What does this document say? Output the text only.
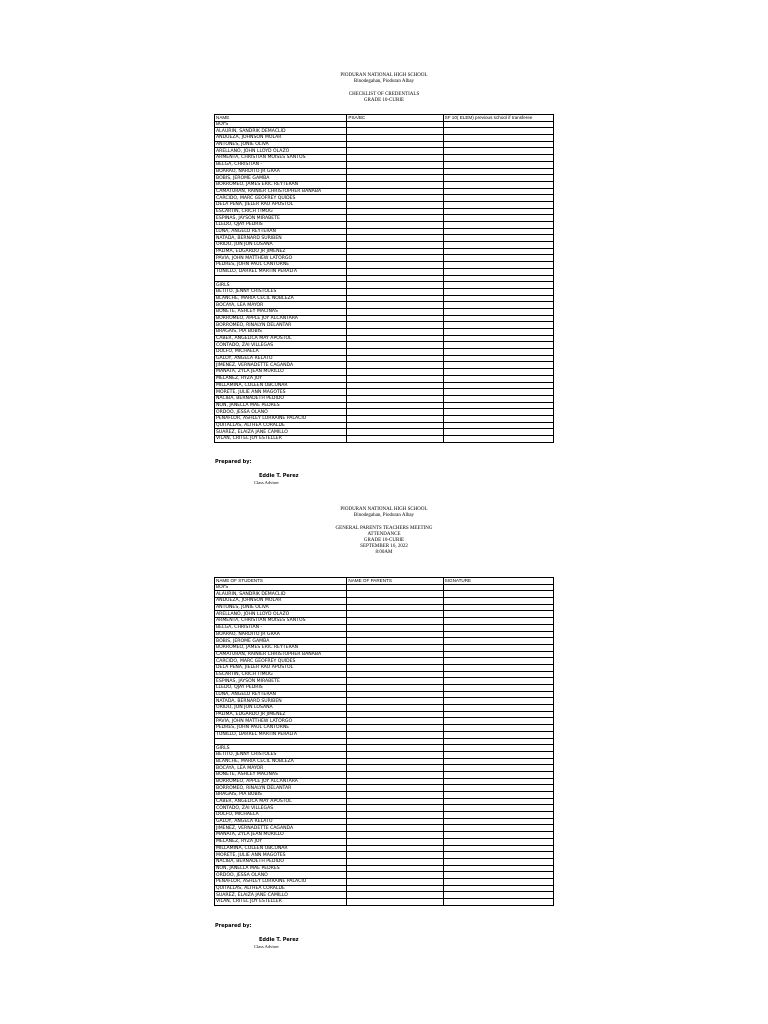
PIODURAN NATIONAL HIGH SCHOOL
Binodegahan, Pioduran Albay
CHECKLIST OF CREDENTIALS
GRADE 10-CURIE
NAME	PSA/BC	SF 10( ELEM) previous school if transferee
BOYS		
ALAURIN, SANDRIK DEMACLID		
ANDUEZA, JOHNSON MOLAR		
ANTONES, JONIE OLIVA		
ARELLANO, JOHN LLOYD OLAZO		
ARMENTA, CHRISTIAN MOISES SANTOS		
BELGA, CHRISTIAN -		
BOARAO, NARDITO JR GRAA		
BOBIS, JEROME GAMBA		
BORROMEO, JAMES ERIC REYTERAN		
CAMATURAN, RAINIER CHRISTOPHER BANABA		
CARCIDO, MARC GEOFREY QUIDES		
DELA PEÑA, JIELER RAO APOSTOL		
ESCARTIN, CRICH TIMOG		
ESPINAS, JAYSON MIRABETE		
LLEDO, QJAY PEDRIS		
LUNA, ANGELO REYTERAN		
NATADA, BERNARD SURIBEN		
ORIDO, JON JON LOSANA		
PALIMA, EDGARDO JR JIMENEZ		
PAVIA, JOHN MATTHEW LATORGO		
PEDRES, JOHN PAUL CANTORNE		
TONILLO, DARREL MARTIN PERALTA		

GIRLS		
BETITO, JENNY CRISTOLES		
BLANCHE, MARIA CECIL NOBLEZA		
BOCAYA, LEA MAYOR		
BONETE, ASHLEY MACINAS		
BORROMEO, APPLE JOY ALCANTARA		
BORROMEO, RINALYN DELANTAR		
BRAGAIS, PIA BOBIS		
CABER, ANGELICA MAY APOSTOL		
CONTADO, ZAI VILLEGAS		
DOLFO, MICHAELA		
GALOY, ANGELA RELATO		
JIMENEZ, VERNADETTE CAGANDA		
MANATA, ZYLA JEAN MURILLO		
MELANEZ, RYZA JOY		
MILLAMINA, COLEEN OBCUNAR		
MORETE, JULIE ANN MAGOTES		
NACIBA, BERNADETH PEDIDO		
NON, JANELLA MAE PEDRES		
ORDOO, JESSA OLANO		
PEÑAFLOR, ASHLEY LORRAINE PALACIO		
QUITALLAS, ALTHEA CORALDE		
SUAREZ, ELAIZA JANE CAMILLO		
VILAN, CRITEL JOY ESTELLER		
Prepared by:
Eddie T. Perez
Class Adviser
PIODURAN NATIONAL HIGH SCHOOL
Binodegahan, Pioduran Albay
GENERAL PARENTS TEACHERS MEETING
ATTENDANCE
GRADE 10-CURIE
SEPTEMBER 16, 2022
8:00AM
NAME OF STUDENTS	NAME OF PARENTS	SIGNATURE
BOYS		
ALAURIN, SANDRIK DEMACLID		
ANDUEZA, JOHNSON MOLAR		
ANTONES, JONIE OLIVA		
ARELLANO, JOHN LLOYD OLAZO		
ARMENTA, CHRISTIAN MOISES SANTOS		
BELGA, CHRISTIAN -		
BOARAO, NARDITO JR GRAA		
BOBIS, JEROME GAMBA		
BORROMEO, JAMES ERIC REYTERAN		
CAMATURAN, RAINIER CHRISTOPHER BANABA		
CARCIDO, MARC GEOFREY QUIDES		
DELA PEÑA, JIELER RAO APOSTOL		
ESCARTIN, CRICH TIMOG		
ESPINAS, JAYSON MIRABETE		
LLEDO, QJAY PEDRIS		
LUNA, ANGELO REYTERAN		
NATADA, BERNARD SURIBEN		
ORIDO, JON JON LOSANA		
PALIMA, EDGARDO JR JIMENEZ		
PAVIA, JOHN MATTHEW LATORGO		
PEDRES, JOHN PAUL CANTORNE		
TONILLO, DARREL MARTIN PERALTA		

GIRLS		
BETITO, JENNY CRISTOLES		
BLANCHE, MARIA CECIL NOBLEZA		
BOCAYA, LEA MAYOR		
BONETE, ASHLEY MACINAS		
BORROMEO, APPLE JOY ALCANTARA		
BORROMEO, RINALYN DELANTAR		
BRAGAIS, PIA BOBIS		
CABER, ANGELICA MAY APOSTOL		
CONTADO, ZAI VILLEGAS		
DOLFO, MICHAELA		
GALOY, ANGELA RELATO		
JIMENEZ, VERNADETTE CAGANDA		
MANATA, ZYLA JEAN MURILLO		
MELANEZ, RYZA JOY		
MILLAMINA, COLEEN OBCUNAR		
MORETE, JULIE ANN MAGOTES		
NACIBA, BERNADETH PEDIDO		
NON, JANELLA MAE PEDRES		
ORDOO, JESSA OLANO		
PEÑAFLOR, ASHLEY LORRAINE PALACIO		
QUITALLAS, ALTHEA CORALDE		
SUAREZ, ELAIZA JANE CAMILLO		
VILAN, CRITEL JOY ESTELLER		
Prepared by:
Eddie T. Perez
Class Adviser
